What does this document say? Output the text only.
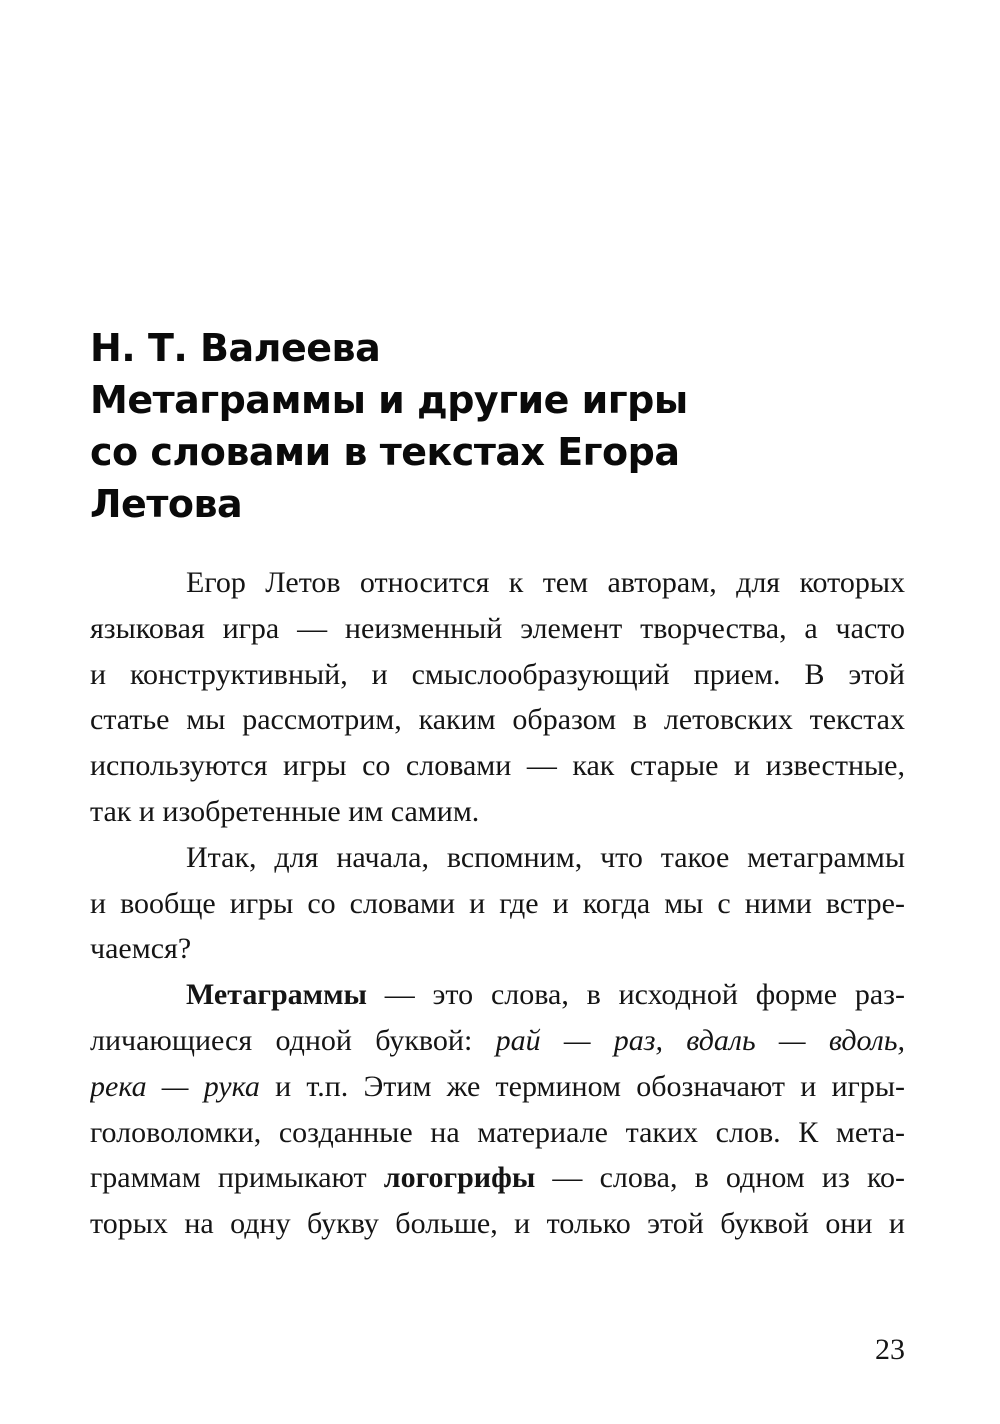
Н. Т. Валеева
Метаграммы и другие игры
со словами в текстах Егора
Летова
Егор Летов относится к тем авторам, для которых
языковая игра — неизменный элемент творчества, а часто
и конструктивный, и смыслообразующий прием. В этой
статье мы рассмотрим, каким образом в летовских текстах
используются игры со словами — как старые и известные,
так и изобретенные им самим.
Итак, для начала, вспомним, что такое метаграммы
и вообще игры со словами и где и когда мы с ними встре-
чаемся?
Метаграммы — это слова, в исходной форме раз-
личающиеся одной буквой: рай — раз, вдаль — вдоль,
река — рука и т.п. Этим же термином обозначают и игры-
головоломки, созданные на материале таких слов. К мета-
граммам примыкают логогрифы — слова, в одном из ко-
торых на одну букву больше, и только этой буквой они и
23
